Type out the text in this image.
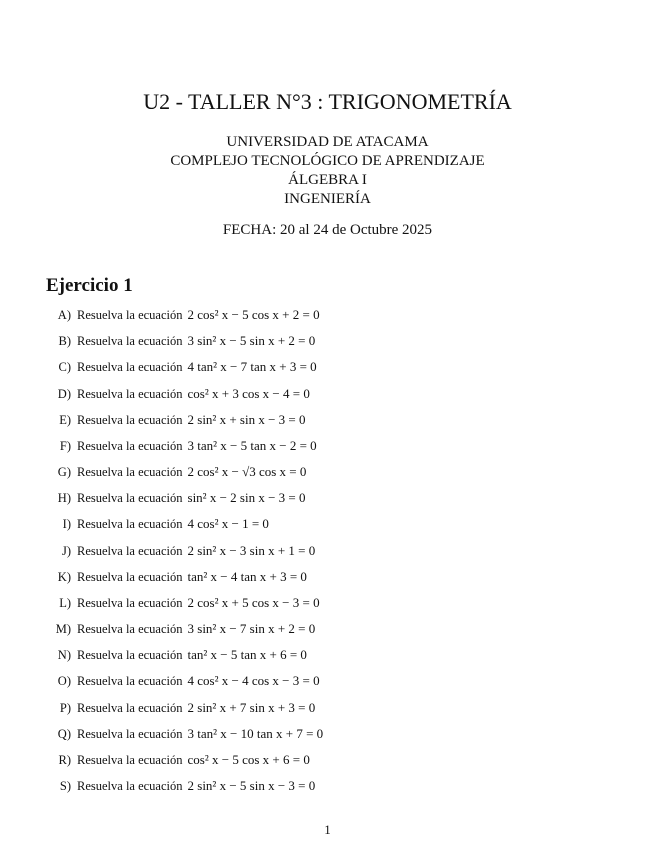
U2 - TALLER N°3 : TRIGONOMETRÍA
UNIVERSIDAD DE ATACAMA
COMPLEJO TECNOLÓGICO DE APRENDIZAJE
ÁLGEBRA I
INGENIERÍA
FECHA: 20 al 24 de Octubre 2025
Ejercicio 1
A) Resuelva la ecuación 2 cos² x − 5 cos x + 2 = 0
B) Resuelva la ecuación 3 sin² x − 5 sin x + 2 = 0
C) Resuelva la ecuación 4 tan² x − 7 tan x + 3 = 0
D) Resuelva la ecuación cos² x + 3 cos x − 4 = 0
E) Resuelva la ecuación 2 sin² x + sin x − 3 = 0
F) Resuelva la ecuación 3 tan² x − 5 tan x − 2 = 0
G) Resuelva la ecuación 2 cos² x − √3 cos x = 0
H) Resuelva la ecuación sin² x − 2 sin x − 3 = 0
I) Resuelva la ecuación 4 cos² x − 1 = 0
J) Resuelva la ecuación 2 sin² x − 3 sin x + 1 = 0
K) Resuelva la ecuación tan² x − 4 tan x + 3 = 0
L) Resuelva la ecuación 2 cos² x + 5 cos x − 3 = 0
M) Resuelva la ecuación 3 sin² x − 7 sin x + 2 = 0
N) Resuelva la ecuación tan² x − 5 tan x + 6 = 0
O) Resuelva la ecuación 4 cos² x − 4 cos x − 3 = 0
P) Resuelva la ecuación 2 sin² x + 7 sin x + 3 = 0
Q) Resuelva la ecuación 3 tan² x − 10 tan x + 7 = 0
R) Resuelva la ecuación cos² x − 5 cos x + 6 = 0
S) Resuelva la ecuación 2 sin² x − 5 sin x − 3 = 0
1
